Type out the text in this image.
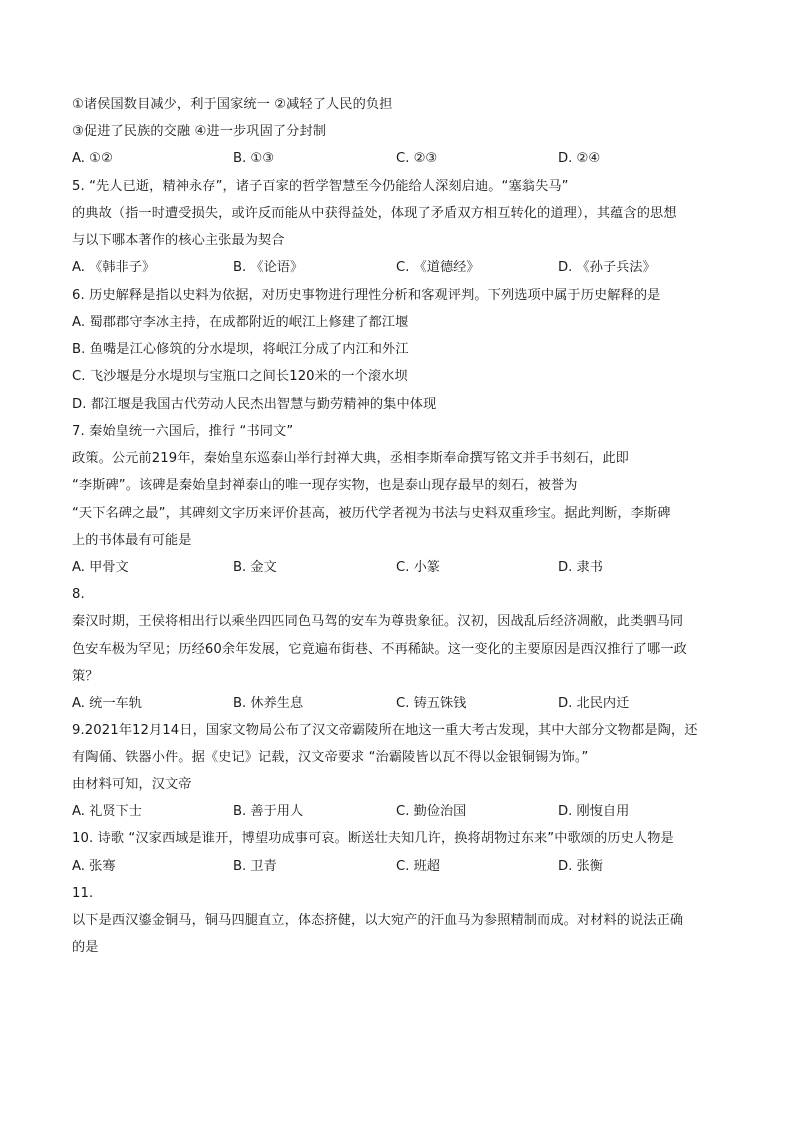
①诸侯国数目减少，利于国家统一 ②减轻了人民的负担
③促进了民族的交融 ④进一步巩固了分封制
A. ①②	B. ①③	C. ②③	D. ②④
5. “先人已逝，精神永存”，诸子百家的哲学智慧至今仍能给人深刻启迪。“塞翁失马”
的典故（指一时遭受损失，或许反而能从中获得益处，体现了矛盾双方相互转化的道理），其蕴含的思想
与以下哪本著作的核心主张最为契合
A. 《韩非子》	B. 《论语》	C. 《道德经》	D. 《孙子兵法》
6. 历史解释是指以史料为依据，对历史事物进行理性分析和客观评判。下列选项中属于历史解释的是
A. 蜀郡郡守李冰主持，在成都附近的岷江上修建了都江堰
B. 鱼嘴是江心修筑的分水堤坝，将岷江分成了内江和外江
C. 飞沙堰是分水堤坝与宝瓶口之间长120米的一个滚水坝
D. 都江堰是我国古代劳动人民杰出智慧与勤劳精神的集中体现
7. 秦始皇统一六国后，推行 “书同文”
政策。公元前219年，秦始皇东巡泰山举行封禅大典，丞相李斯奉命撰写铭文并手书刻石，此即
“李斯碑”。该碑是秦始皇封禅泰山的唯一现存实物，也是泰山现存最早的刻石，被誉为
“天下名碑之最”，其碑刻文字历来评价甚高，被历代学者视为书法与史料双重珍宝。据此判断，李斯碑
上的书体最有可能是
A. 甲骨文	B. 金文	C. 小篆	D. 隶书
8.
秦汉时期，王侯将相出行以乘坐四匹同色马驾的安车为尊贵象征。汉初，因战乱后经济凋敝，此类驷马同
色安车极为罕见；历经60余年发展，它竟遍布街巷、不再稀缺。这一变化的主要原因是西汉推行了哪一政
策？
A. 统一车轨	B. 休养生息	C. 铸五铢钱	D. 北民内迁
9.2021年12月14日，国家文物局公布了汉文帝霸陵所在地这一重大考古发现，其中大部分文物都是陶，还
有陶俑、铁器小件。据《史记》记载，汉文帝要求 “治霸陵皆以瓦不得以金银铜锡为饰。”
由材料可知，汉文帝
A. 礼贤下士	B. 善于用人	C. 勤俭治国	D. 刚愎自用
10. 诗歌 “汉家西域是谁开，博望功成事可哀。断送壮夫知几许，换将胡物过东来”中歌颂的历史人物是
A. 张骞	B. 卫青	C. 班超	D. 张衡
11.
以下是西汉鎏金铜马，铜马四腿直立，体态挤健，以大宛产的汗血马为参照精制而成。对材料的说法正确
的是
